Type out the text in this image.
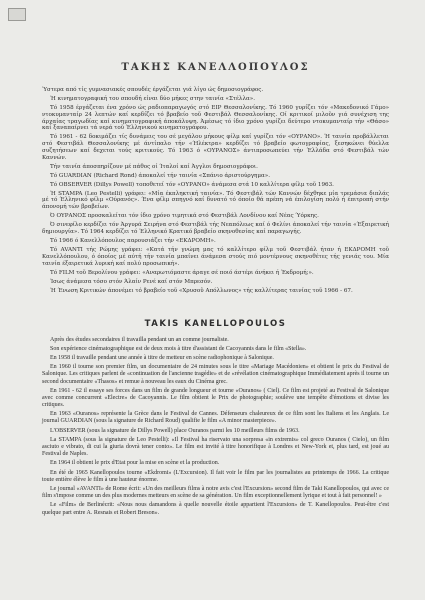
ΤΑΚΗΣ ΚΑΝΕΛΛΟΠΟΥΛΟΣ

Ύστερα από τίς γυμνασιακές σπουδές έργάζεται γιά λίγο ώς δημοσιογράφος.

Ή κινηματογραφική του σπουδή είναι δύο μήκες στην ταινία «Στέλλα».

Τό 1958 έργάζεται ένα χρόνο ώς ραδιοπαραγωγός στό ΕΙΡ Θεσσαλονίκης. Τό 1960 γυρίζει τόν «Μακεδονικό Γάμο» ντοκυμανταίρ 24 λεπτών καί κερδίζει τό βραβείο τοῦ Φεστιβάλ Θεσσαλονίκης. Οί κριτικοί μιλοῦν γιά συνέχιση της άρχαίας τραγωδίας καί κινηματογραφική άποκάλυψη. Άμέσως τό ίδιο χρόνο γυρίζει δεύτερο ντοκυμανταίρ τήν «Θάσο» καί ξαναπαίρνει τά νερά τοῦ Έλληνικού κινηματογράφου.

Τό 1961 - 62 δοκιμάζει τίς δυνάμεις του σέ μεγάλου μήκους φίλμ καί γυρίζει τόν «ΟΥΡΑΝΟ». Ή ταινία προβάλλεται στό Φεστιβάλ Θεσσαλονίκης μέ άντίπαλο τήν «Ήλέκτρα» κερδίζει τό βραβείο φωτογραφίας, ξεσηκώνει θύελλα συζητήσεων καί δεχεται τούς κριτικούς. Τό 1963 ό «ΟΥΡΑΝΟΣ» άντιπροσωπεύει τήν Έλλάδα στό Φεστιβάλ τών Καννών.

Τήν ταινία άποσπηρίζουν μέ πάθος οί Ίταλοί καί Άγγλοι δημοσιογράφοι.

Τό GUARDIAN (Richard Rond) άποκαλεί τήν ταινία «Σπάνιο άριστούργημα».

Τό OBSERVER (Dillys Powell) τοποθετεί τόν «ΟΥΡΑΝΟ» άνάμεσα στά 10 καλλίτερα φίλμ τοῦ 1963.

Ή STAMPA (Leo Pestelli) γράφει: «Μία έκπληκτική ταινία». Τό Φεστιβάλ τών Καννών δέχθηκε μία τρεμάσια διπλάς μέ τό Έλληνικό φίλμ «Ούρανός». Ένα φίλμ σπηγνό καί δυνατό τό όποίο θά πρέπη νά έπιλογίση πολύ ή έπιτροπή στήν άπονομή τών βραβείων.

Ό ΟΥΡΑΝΟΣ προσκαλείται τόν ίδιο χρόνο τιμητικά στό Φεστιβάλ Λονδίνου καί Νέας Ύόρκης.

Ό σινεφίλο κερδίζει τόν Άργυρά Σειρήνα στό Φεστιβάλ τής Νεαπόλεως καί ό Φελίνι άποκαλεί τήν ταινία «Έξαιρετική δημιουργία». Τό 1964 κερδίζει τό Έλληνικό Κρατικό βραβείο σκηνοθεσίας καί παραγωγής.

Τό 1966 ό Κανελλόπουλος παρουσιάζει τήν «ΕΚΔΡΟΜΗ».

Τό AVANTI τής Ρώμης γράφει: «Κατά τήν γνώμη μας τό καλλίτερο φίλμ τοῦ Φεστιβάλ ήταν ή ΕΚΔΡΟΜΗ τοῦ Κανελλόπουλου, ό όποίος μέ αύτή τήν ταινία μπαίνει άνάμεσα στούς πιό μοντέρνους σκηνοθέτες τής γενιάς του. Μία ταινία έξαιρετικά λυρική καί πολύ προσωπική».

Τό FILM τοῦ Βερολίνου γράφει: «Αναρωτιόμαστε άραγε σέ ποιό άστέρι άνήκει ή Έκδρομή;».

Ίσως άνάμεσα τόσο στόν Άλαίν Ρενέ καί στόν Μπρεσόν.

Ή Ένωση Κριτικών άπονέμει τό βραβείο τοῦ «Χρυσοῦ Απόλλωνος» τής καλλίτερας ταινίας τοῦ 1966 - 67.

TAKIS KANELLOPOULOS

Après des études secondaires il travailla pendant un an comme journaliste.

Son expérience cinématographique est de deux mois à titre d'assistant de Cacoyannis dans le film «Stella».

En 1958 il travaille pendant une année à titre de metteur en scène radiophonique à Salonique.

En 1960 il tourne son premier film, un documentaire de 24 minutes sous le titre «Mariage Macédonien» et obtient le prix du Festival de Salonique. Les critiques parlent de «continuation de l'ancienne tragédie» et de «révélation cinématographique Immédiatement après il tourne un second documentaire «Thasos» et remue à nouveau les eaux du Cinéma grec.

En 1961 - 62 il essaye ses forces dans un film de grande longueur et tourne «Ouranos» ( Ciel). Ce film est projeté au Festival de Salonique avec comme concurrent «Electre» de Cacoyannis. Le film obtient le Prix de photographie; soulève une tempête d'émotions et divise les critiques.

En 1963 «Ouranos» représente la Grèce dans le Festival de Cannes. Défenseurs chaleureux de ce film sont les Italiens et les Anglais. Le journal GUARDIAN (sous la signature de Richard Roud) qualifie le film «A minor masterpiece».

L'OBSERVER (sous la signature de Dillys Powell) place Ouranos parmi les 10 meilleurs films de 1963.

La STAMPA (sous la signature de Leo Pestelli): «Il Festival ha riservato una sorpresa «in extremis» col greco Ouranos ( Cielo), un film asciuto e vibrato, di cui la giuria dovrà tener conto». Le film est invité à titre honorifique à Londres et New-York et, plus tard, est joué au Festival de Naples.

En 1964 il obtient le prix d'Etat pour la mise en scène et la production.

En été de 1965 Kanellopoulos tourne «Ekdromi» (L'Excursion). Il fait voir le film par les journalistes au printemps de 1966. La critique toute entière élève le film à une hauteur énorme.

Le journal «AVANTI» de Rome écrit: «Un des meilleurs films à notre avis c'est l'Excursion» second film de Taki Kanellopoulos, qui avec ce film s'impose comme un des plus modernes metteurs en scène de sa génération. Un film exceptionnellement lyrique et tout à fait personnel! »

Le «Film» de Berlinécrit: «Nous nous damandons à quelle nouvelle étoile appartient l'Excursion» de T. Kanellopoulos. Peut-être c'est quelque part entre A. Resnais et Robert Breson».
